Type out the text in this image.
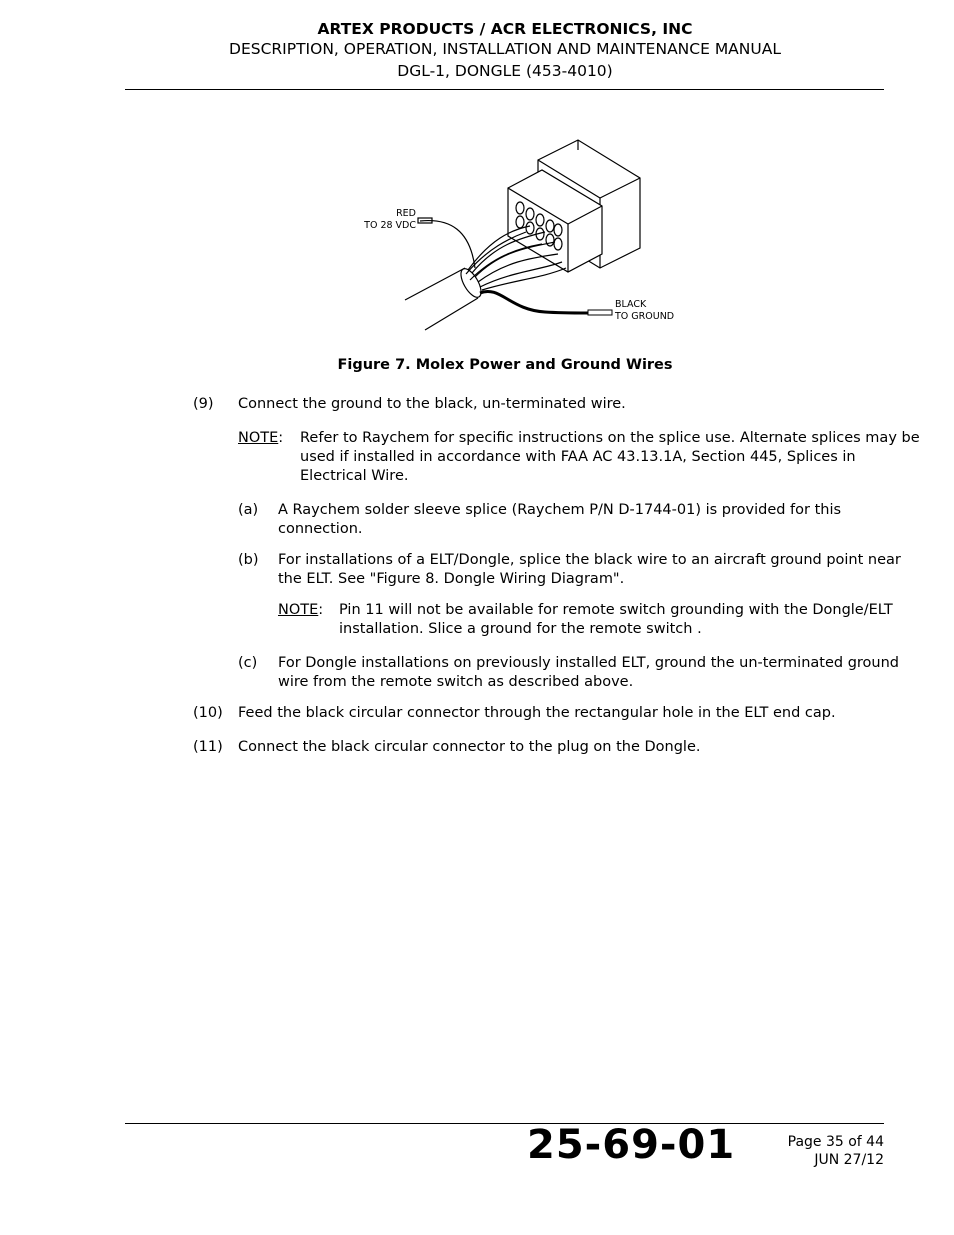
ARTEX PRODUCTS / ACR ELECTRONICS, INC
DESCRIPTION, OPERATION, INSTALLATION AND MAINTENANCE MANUAL
DGL-1, DONGLE (453-4010)
RED
TO 28 VDC
BLACK
TO GROUND
Figure 7. Molex Power and Ground Wires
(9) Connect the ground to the black, un-terminated wire.
NOTE: Refer to Raychem for specific instructions on the splice use. Alternate splices may be
used if installed in accordance with FAA AC 43.13.1A, Section 445, Splices in
Electrical Wire.
(a) A Raychem solder sleeve splice (Raychem P/N D-1744-01) is provided for this
connection.
(b) For installations of a ELT/Dongle, splice the black wire to an aircraft ground point near
the ELT. See "Figure 8. Dongle Wiring Diagram".
NOTE: Pin 11 will not be available for remote switch grounding with the Dongle/ELT
installation. Slice a ground for the remote switch .
(c) For Dongle installations on previously installed ELT, ground the un-terminated ground
wire from the remote switch as described above.
(10) Feed the black circular connector through the rectangular hole in the ELT end cap.
(11) Connect the black circular connector to the plug on the Dongle.
25-69-01	Page 35 of 44
JUN 27/12
